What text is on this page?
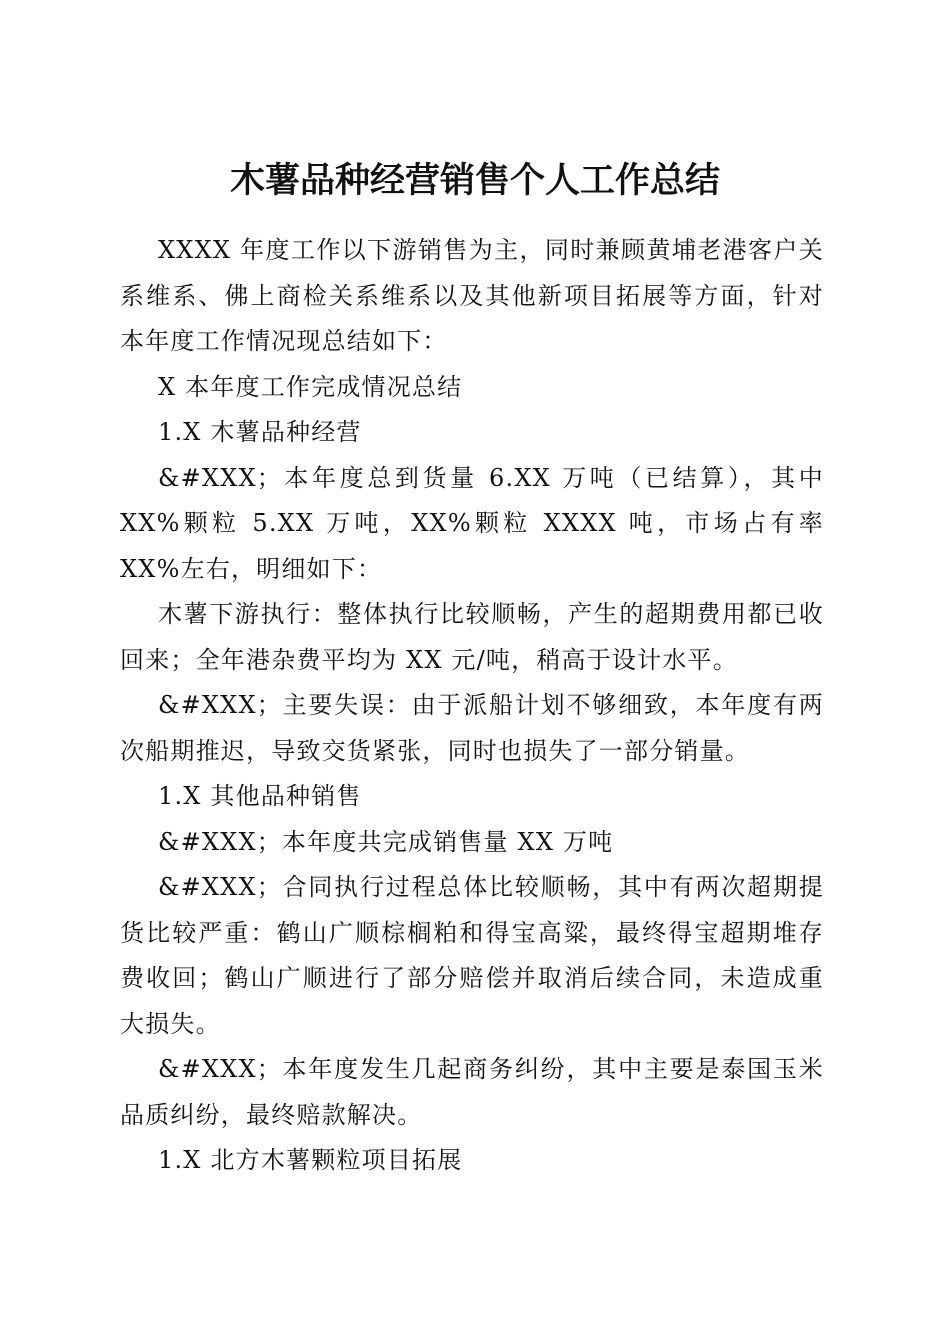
木薯品种经营销售个人工作总结

XXXX 年度工作以下游销售为主，同时兼顾黄埔老港客户关系维系、佛上商检关系维系以及其他新项目拓展等方面，针对本年度工作情况现总结如下：

X 本年度工作完成情况总结

1.X 木薯品种经营

&#XXX；本年度总到货量 6.XX 万吨（已结算），其中 XX%颗粒 5.XX 万吨，XX%颗粒 XXXX 吨，市场占有率 XX%左右，明细如下：

木薯下游执行：整体执行比较顺畅，产生的超期费用都已收回来；全年港杂费平均为 XX 元/吨，稍高于设计水平。

&#XXX；主要失误：由于派船计划不够细致，本年度有两次船期推迟，导致交货紧张，同时也损失了一部分销量。

1.X 其他品种销售

&#XXX；本年度共完成销售量 XX 万吨

&#XXX；合同执行过程总体比较顺畅，其中有两次超期提货比较严重：鹤山广顺棕榈粕和得宝高粱，最终得宝超期堆存费收回；鹤山广顺进行了部分赔偿并取消后续合同，未造成重大损失。

&#XXX；本年度发生几起商务纠纷，其中主要是泰国玉米品质纠纷，最终赔款解决。

1.X 北方木薯颗粒项目拓展
